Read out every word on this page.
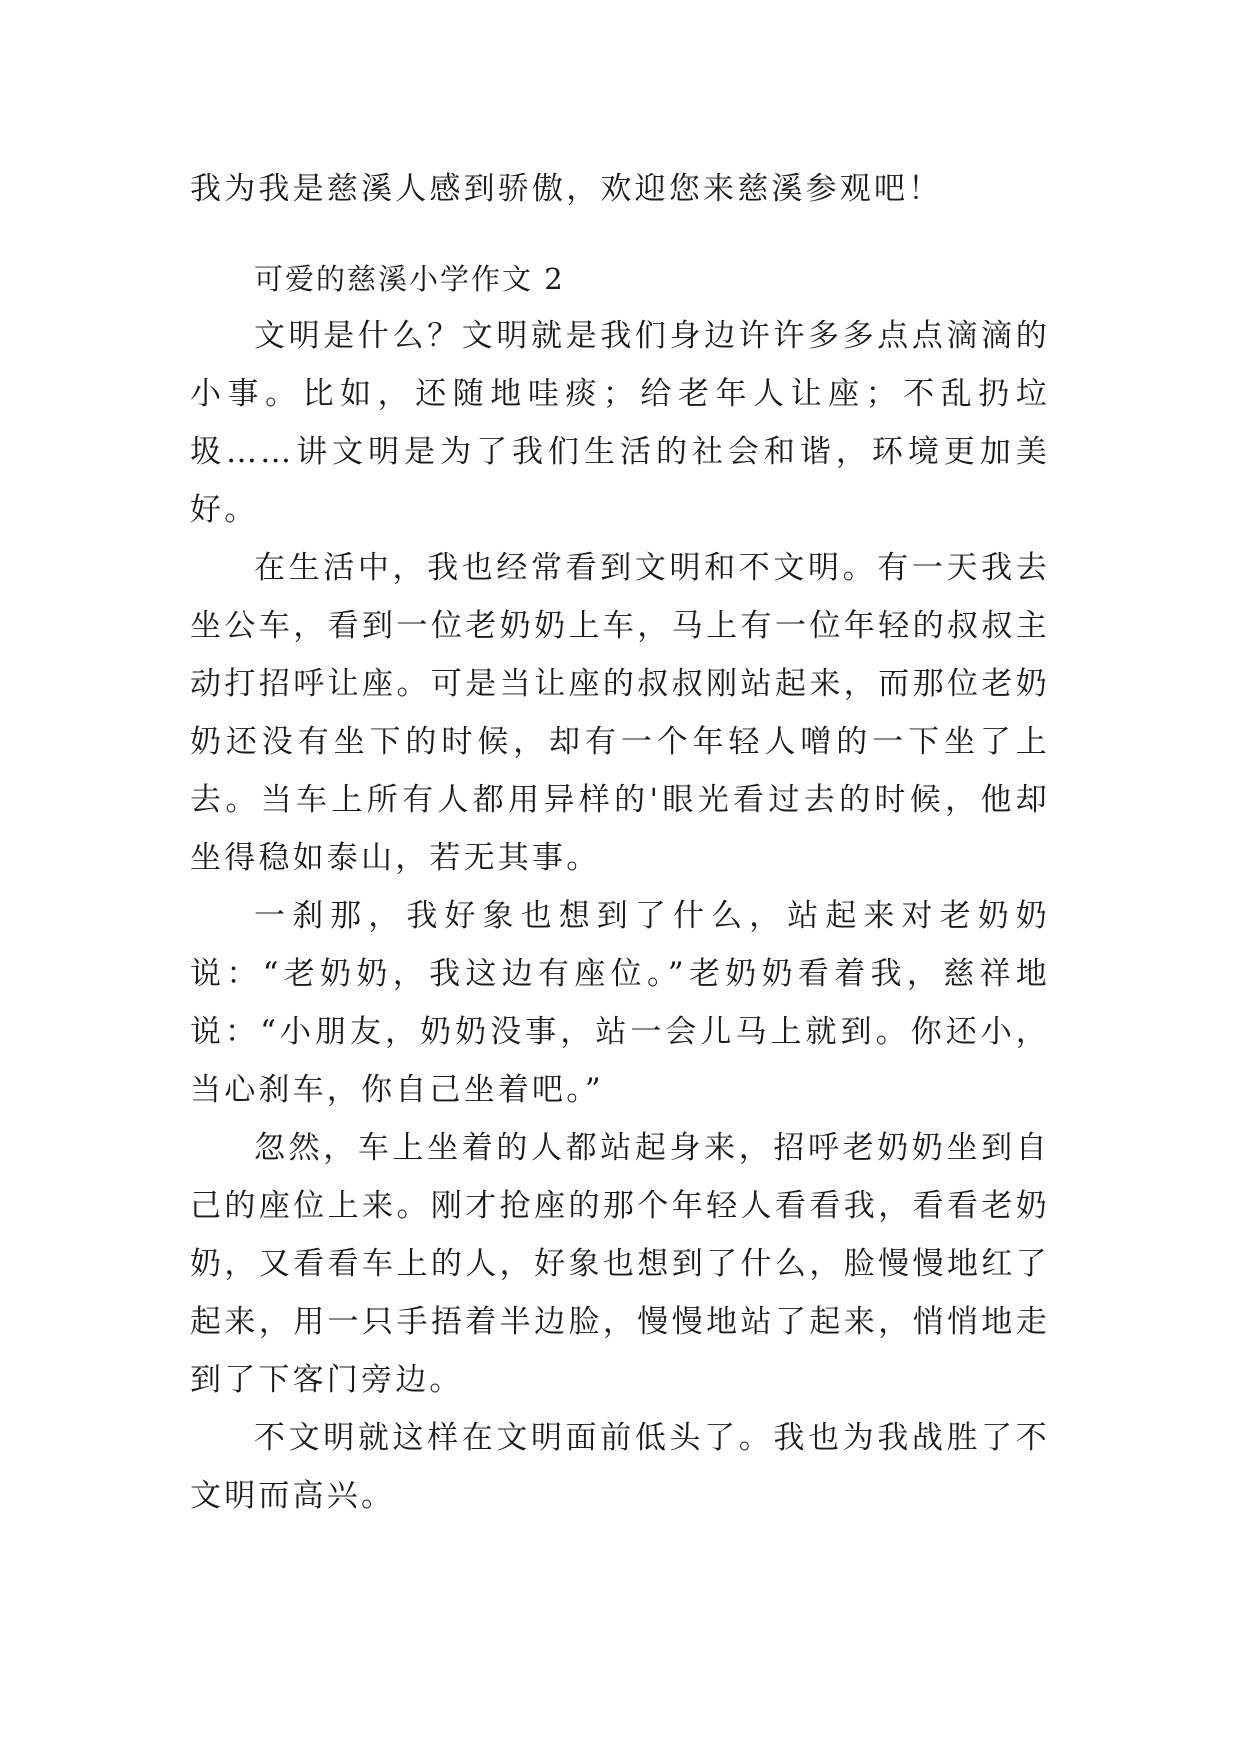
我为我是慈溪人感到骄傲，欢迎您来慈溪参观吧！
可爱的慈溪小学作文 2

文明是什么？文明就是我们身边许许多多点点滴滴的小事。比如，还随地哇痰；给老年人让座；不乱扔垃圾……讲文明是为了我们生活的社会和谐，环境更加美好。

在生活中，我也经常看到文明和不文明。有一天我去坐公车，看到一位老奶奶上车，马上有一位年轻的叔叔主动打招呼让座。可是当让座的叔叔刚站起来，而那位老奶奶还没有坐下的时候，却有一个年轻人噌的一下坐了上去。当车上所有人都用异样的'眼光看过去的时候，他却坐得稳如泰山，若无其事。

一刹那，我好象也想到了什么，站起来对老奶奶说：“老奶奶，我这边有座位。”老奶奶看着我，慈祥地说：“小朋友，奶奶没事，站一会儿马上就到。你还小，当心刹车，你自己坐着吧。”

忽然，车上坐着的人都站起身来，招呼老奶奶坐到自己的座位上来。刚才抢座的那个年轻人看看我，看看老奶奶，又看看车上的人，好象也想到了什么，脸慢慢地红了起来，用一只手捂着半边脸，慢慢地站了起来，悄悄地走到了下客门旁边。

不文明就这样在文明面前低头了。我也为我战胜了不文明而高兴。
